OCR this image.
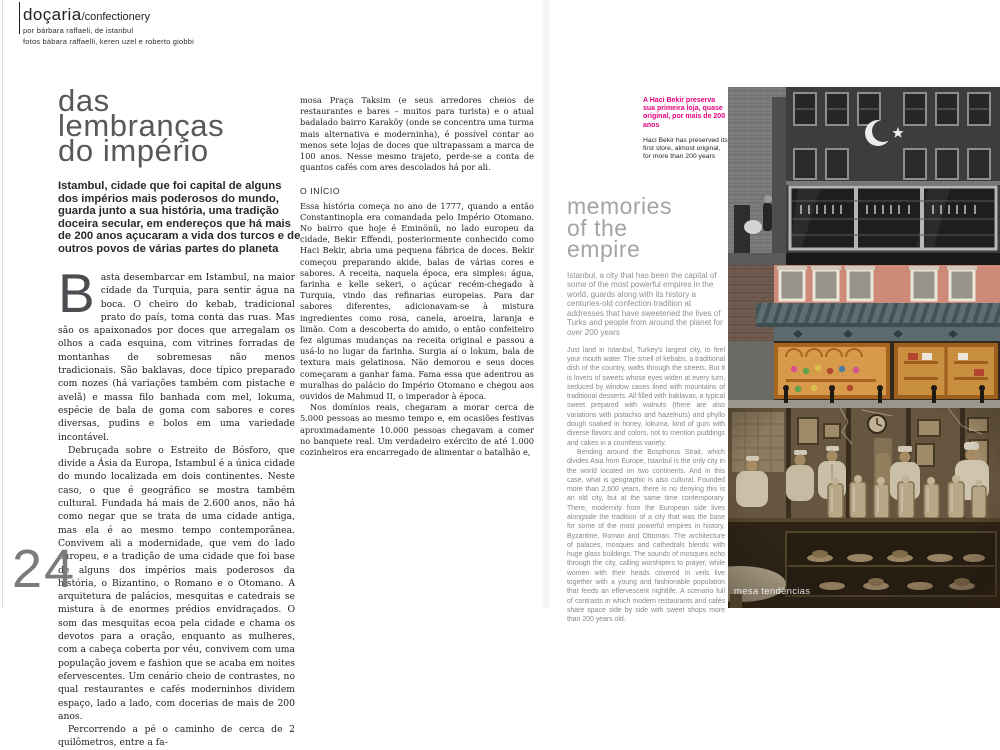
doçaria/confectionery
por bárbara raffaeli, de istanbul
fotos bábara raffaelli, keren uzel e roberto giobbi
das
lembranças
do império
Istambul, cidade que foi capital de alguns dos impérios mais poderosos do mundo, guarda junto a sua história, uma tradição doceira secular, em endereços que há mais de 200 anos açucaram a vida dos turcos e de outros povos de várias partes do planeta

Basta desembarcar em Istambul, na maior cidade da Turquia, para sentir água na boca. O cheiro do kebab, tradicional prato do país, toma conta das ruas. Mas são os apaixonados por doces que arregalam os olhos a cada esquina, com vitrines forradas de montanhas de sobremesas não menos tradicionais. São baklavas, doce típico preparado com nozes (há variações também com pistache e avelã) e massa filo banhada com mel, lokuma, espécie de bala de goma com sabores e cores diversas, pudins e bolos em uma variedade incontável.

Debruçada sobre o Estreito de Bósforo, que divide a Ásia da Europa, Istambul é a única cidade do mundo localizada em dois continentes. Neste caso, o que é geográfico se mostra também cultural. Fundada há mais de 2.600 anos, não há como negar que se trata de uma cidade antiga, mas ela é ao mesmo tempo contemporânea. Convivem ali a modernidade, que vem do lado europeu, e a tradição de uma cidade que foi base de alguns dos impérios mais poderosos da história, o Bizantino, o Romano e o Otomano. A arquitetura de palácios, mesquitas e catedrais se mistura à de enormes prédios envidraçados. O som das mesquitas ecoa pela cidade e chama os devotos para a oração, enquanto as mulheres, com a cabeça coberta por véu, convivem com uma população jovem e fashion que se acaba em noites efervescentes. Um cenário cheio de contrastes, no qual restaurantes e cafés moderninhos dividem espaço, lado a lado, com docerias de mais de 200 anos.

Percorrendo a pé o caminho de cerca de 2 quilômetros, entre a fa-

mosa Praça Taksim (e seus arredores cheios de restaurantes e bares – muitos para turista) e o atual badalado bairro Karaköy (onde se concentra uma turma mais alternativa e moderninha), é possível contar ao menos sete lojas de doces que ultrapassam a marca de 100 anos. Nesse mesmo trajeto, perde-se a conta de quantos cafés com ares descolados há por ali.

O INÍCIO

Essa história começa no ano de 1777, quando a então Constantinopla era comandada pelo Império Otomano. No bairro que hoje é Eminönü, no lado europeu da cidade, Bekir Effendi, posteriormente conhecido como Haci Bekir, abria uma pequena fábrica de doces. Bekir começou preparando akide, balas de várias cores e sabores. A receita, naquela época, era simples: água, farinha e kelle sekeri, o açúcar recém-chegado à Turquia, vindo das refinarias europeias. Para dar sabores diferentes, adicionavam-se à mistura ingredientes como rosa, canela, aroeira, laranja e limão. Com a descoberta do amido, o então confeiteiro fez algumas mudanças na receita original e passou a usá-lo no lugar da farinha. Surgia aí o lokum, bala de textura mais gelatinosa. Não demorou e seus doces começaram a ganhar fama. Fama essa que adentrou as muralhas do palácio do Império Otomano e chegou aos ouvidos de Mahmud II, o imperador à época.

Nos domínios reais, chegaram a morar cerca de 5.000 pessoas ao mesmo tempo e, em ocasiões festivas aproximadamente 10.000 pessoas chegavam a comer no banquete real. Um verdadeiro exército de até 1.000 cozinheiros era encarregado de alimentar o batalhão e,

24
A Haci Bekir preserva sua primeira loja, quase original, por mais de 200 anos
Haci Bekir has preserved its first store, almost original, for more than 200 years
memories
of the
empire
Istanbul, a city that has been the capital of some of the most powerful empires in the world, guards along with its history a centuries-old confection tradition at addresses that have sweetened the lives of Turks and people from around the planet for over 200 years

Just land in Istanbul, Turkey's largest city, to feel your mouth water. The smell of kebabs, a traditional dish of the country, wafts through the streets. But it is lovers of sweets whose eyes widen at every turn, seduced by window cases lined with mountains of traditional desserts. All filled with baklavas, a typical sweet prepared with walnuts (there are also variations with pistachio and hazelnuts) and phyllo dough soaked in honey, lokuma, kind of gum with diverse flavors and colors, not to mention puddings and cakes in a countless variety.

Bending around the Bosphorus Strait, which divides Asia from Europe, Istanbul is the only city in the world located on two continents. And in this case, what is geographic is also cultural. Founded more than 2,600 years, there is no denying this is an old city, but at the same time contemporary. There, modernity from the European side lives alongside the tradition of a city that was the base for some of the most powerful empires in history, Byzantine, Roman and Ottoman. The architecture of palaces, mosques and cathedrals blends with huge glass buildings. The sounds of mosques echo through the city, calling worshipers to prayer, while women with their heads covered in veils live together with a young and fashionable population that feeds an effervescent nightlife. A scenario full of contrasts in which modern restaurants and cafés share space side by side with sweet shops more than 200 years old.

mesa tendências
